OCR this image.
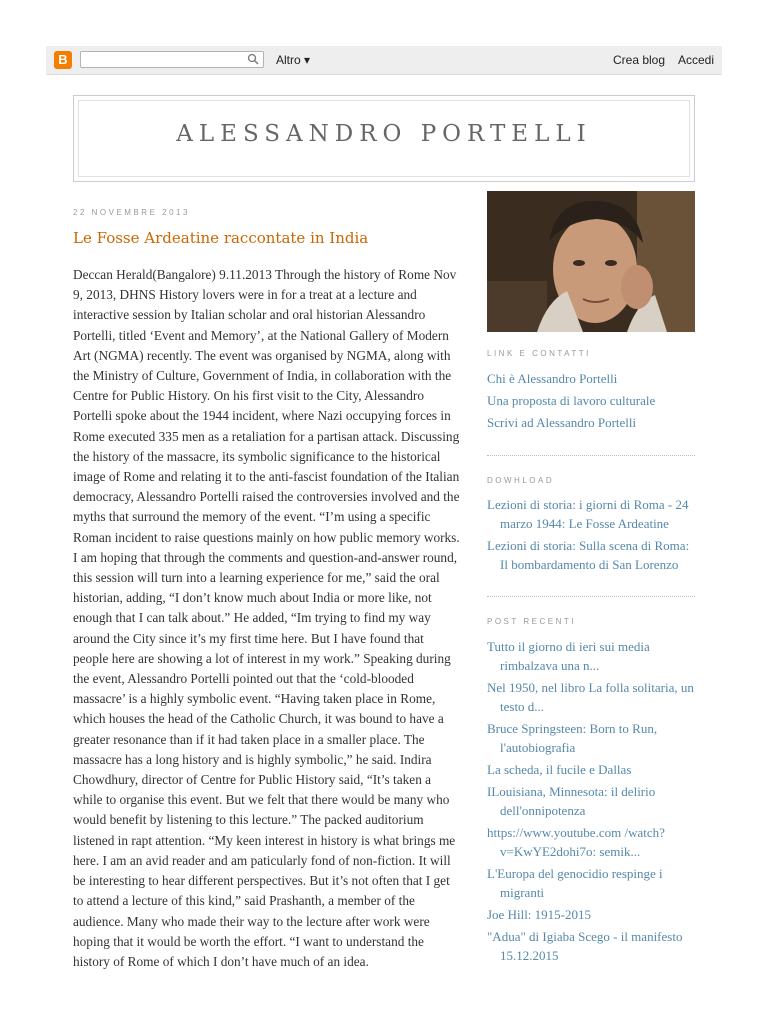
B	Altro ▾	Crea blog Accedi
ALESSANDRO PORTELLI
22 NOVEMBRE 2013
Le Fosse Ardeatine raccontate in India
Deccan Herald(Bangalore) 9.11.2013 Through the history of Rome Nov 9, 2013, DHNS History lovers were in for a treat at a lecture and interactive session by Italian scholar and oral historian Alessandro Portelli, titled ‘Event and Memory’, at the National Gallery of Modern Art (NGMA) recently. The event was organised by NGMA, along with the Ministry of Culture, Government of India, in collaboration with the Centre for Public History. On his first visit to the City, Alessandro Portelli spoke about the 1944 incident, where Nazi occupying forces in Rome executed 335 men as a retaliation for a partisan attack. Discussing the history of the massacre, its symbolic significance to the historical image of Rome and relating it to the anti-fascist foundation of the Italian democracy, Alessandro Portelli raised the controversies involved and the myths that surround the memory of the event. “I’m using a specific Roman incident to raise questions mainly on how public memory works. I am hoping that through the comments and question-and-answer round, this session will turn into a learning experience for me,” said the oral historian, adding, “I don’t know much about India or more like, not enough that I can talk about.” He added, “Im trying to find my way around the City since it’s my first time here. But I have found that people here are showing a lot of interest in my work.” Speaking during the event, Alessandro Portelli pointed out that the ‘cold-blooded massacre’ is a highly symbolic event. “Having taken place in Rome, which houses the head of the Catholic Church, it was bound to have a greater resonance than if it had taken place in a smaller place. The massacre has a long history and is highly symbolic,” he said. Indira Chowdhury, director of Centre for Public History said, “It’s taken a while to organise this event. But we felt that there would be many who would benefit by listening to this lecture.” The packed auditorium listened in rapt attention. “My keen interest in history is what brings me here. I am an avid reader and am paticularly fond of non-fiction. It will be interesting to hear different perspectives. But it’s not often that I get to attend a lecture of this kind,” said Prashanth, a member of the audience. Many who made their way to the lecture after work were hoping that it would be worth the effort. “I want to understand the history of Rome of which I don’t have much of an idea.
LINK E CONTATTI
Chi è Alessandro Portelli
Una proposta di lavoro culturale
Scrivi ad Alessandro Portelli
DOWHLOAD
Lezioni di storia: i giorni di Roma - 24 marzo 1944: Le Fosse Ardeatine
Lezioni di storia: Sulla scena di Roma: Il bombardamento di San Lorenzo
POST RECENTI
Tutto il giorno di ieri sui media rimbalzava una n...
Nel 1950, nel libro La folla solitaria, un testo d...
Bruce Springsteen: Born to Run, l'autobiografia
La scheda, il fucile e Dallas
ILouisiana, Minnesota: il delirio dell'onnipotenza
https://www.youtube.com /watch?v=KwYE2dohi7o: semik...
L'Europa del genocidio respinge i migranti
Joe Hill: 1915-2015
"Adua" di Igiaba Scego - il manifesto 15.12.2015
